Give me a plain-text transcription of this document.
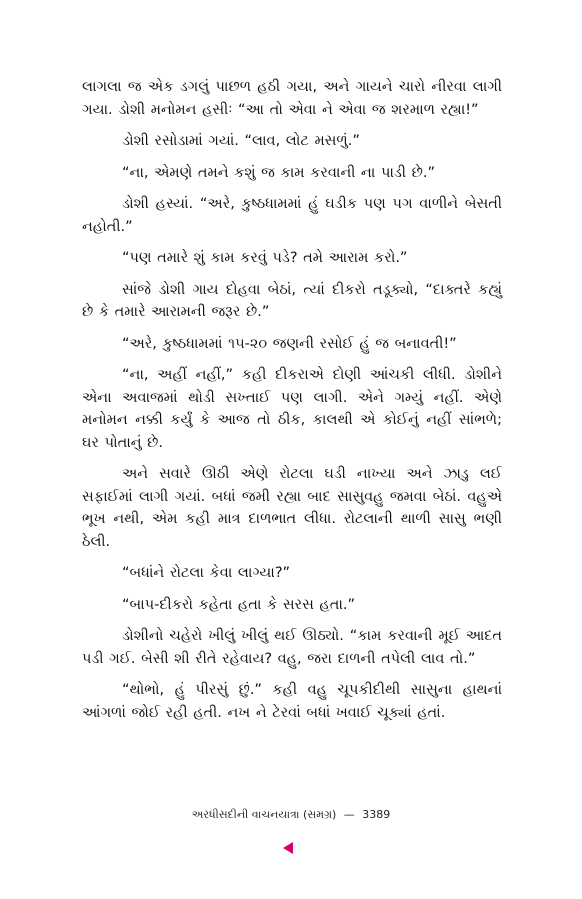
લાગલા જ એક ડગલું પાછળ હઠી ગયા, અને ગાયને ચારો નીરવા લાગી ગયા. ડોશી મનોમન હસીઃ “આ તો એવા ને એવા જ શરમાળ રહ્યા!”

ડોશી રસોડામાં ગયાં. “લાવ, લોટ મસળું.”

“ના, એમણે તમને કશું જ કામ કરવાની ના પાડી છે.”

ડોશી હસ્યાં. “અરે, કુષ્ઠધામમાં હું ઘડીક પણ પગ વાળીને બેસતી નહોતી.”

“પણ તમારે શું કામ કરવું પડે? તમે આરામ કરો.”

સાંજે ડોશી ગાય દોહવા બેઠાં, ત્યાં દીકરો તડૂક્યો, “દાક્તરે કહ્યું છે કે તમારે આરામની જરૂર છે.”

“અરે, કુષ્ઠધામમાં ૧૫-૨૦ જણની રસોઈ હું જ બનાવતી!”

“ના, અહીં નહીં,” કહી દીકરાએ દોણી આંચકી લીધી. ડોશીને એના અવાજમાં થોડી સખ્તાઈ પણ લાગી. એને ગમ્યું નહીં. એણે મનોમન નક્કી કર્યું કે આજ તો ઠીક, કાલથી એ કોઈનું નહીં સાંભળે; ઘર પોતાનું છે.

અને સવારે ઊઠી એણે રોટલા ઘડી નાખ્યા અને ઝાડુ લઈ સફાઈમાં લાગી ગયાં. બધાં જમી રહ્યા બાદ સાસુવહુ જમવા બેઠાં. વહુએ ભૂખ નથી, એમ કહી માત્ર દાળભાત લીધા. રોટલાની થાળી સાસુ ભણી ઠેલી.

“બધાંને રોટલા કેવા લાગ્યા?”

“બાપ-દીકરો કહેતા હતા કે સરસ હતા.”

ડોશીનો ચહેરો ખીલું ખીલું થઈ ઊઠ્યો. “કામ કરવાની મૂઈ આદત પડી ગઈ. બેસી શી રીતે રહેવાય? વહુ, જરા દાળની તપેલી લાવ તો.”

“થોભો, હું પીરસું છું.” કહી વહુ ચૂપકીદીથી સાસુના હાથનાં આંગળાં જોઈ રહી હતી. નખ ને ટેરવાં બધાં ખવાઈ ચૂક્યાં હતાં.

અરધીસદીની વાચનયાત્રા (સમગ્ર) — 3389
